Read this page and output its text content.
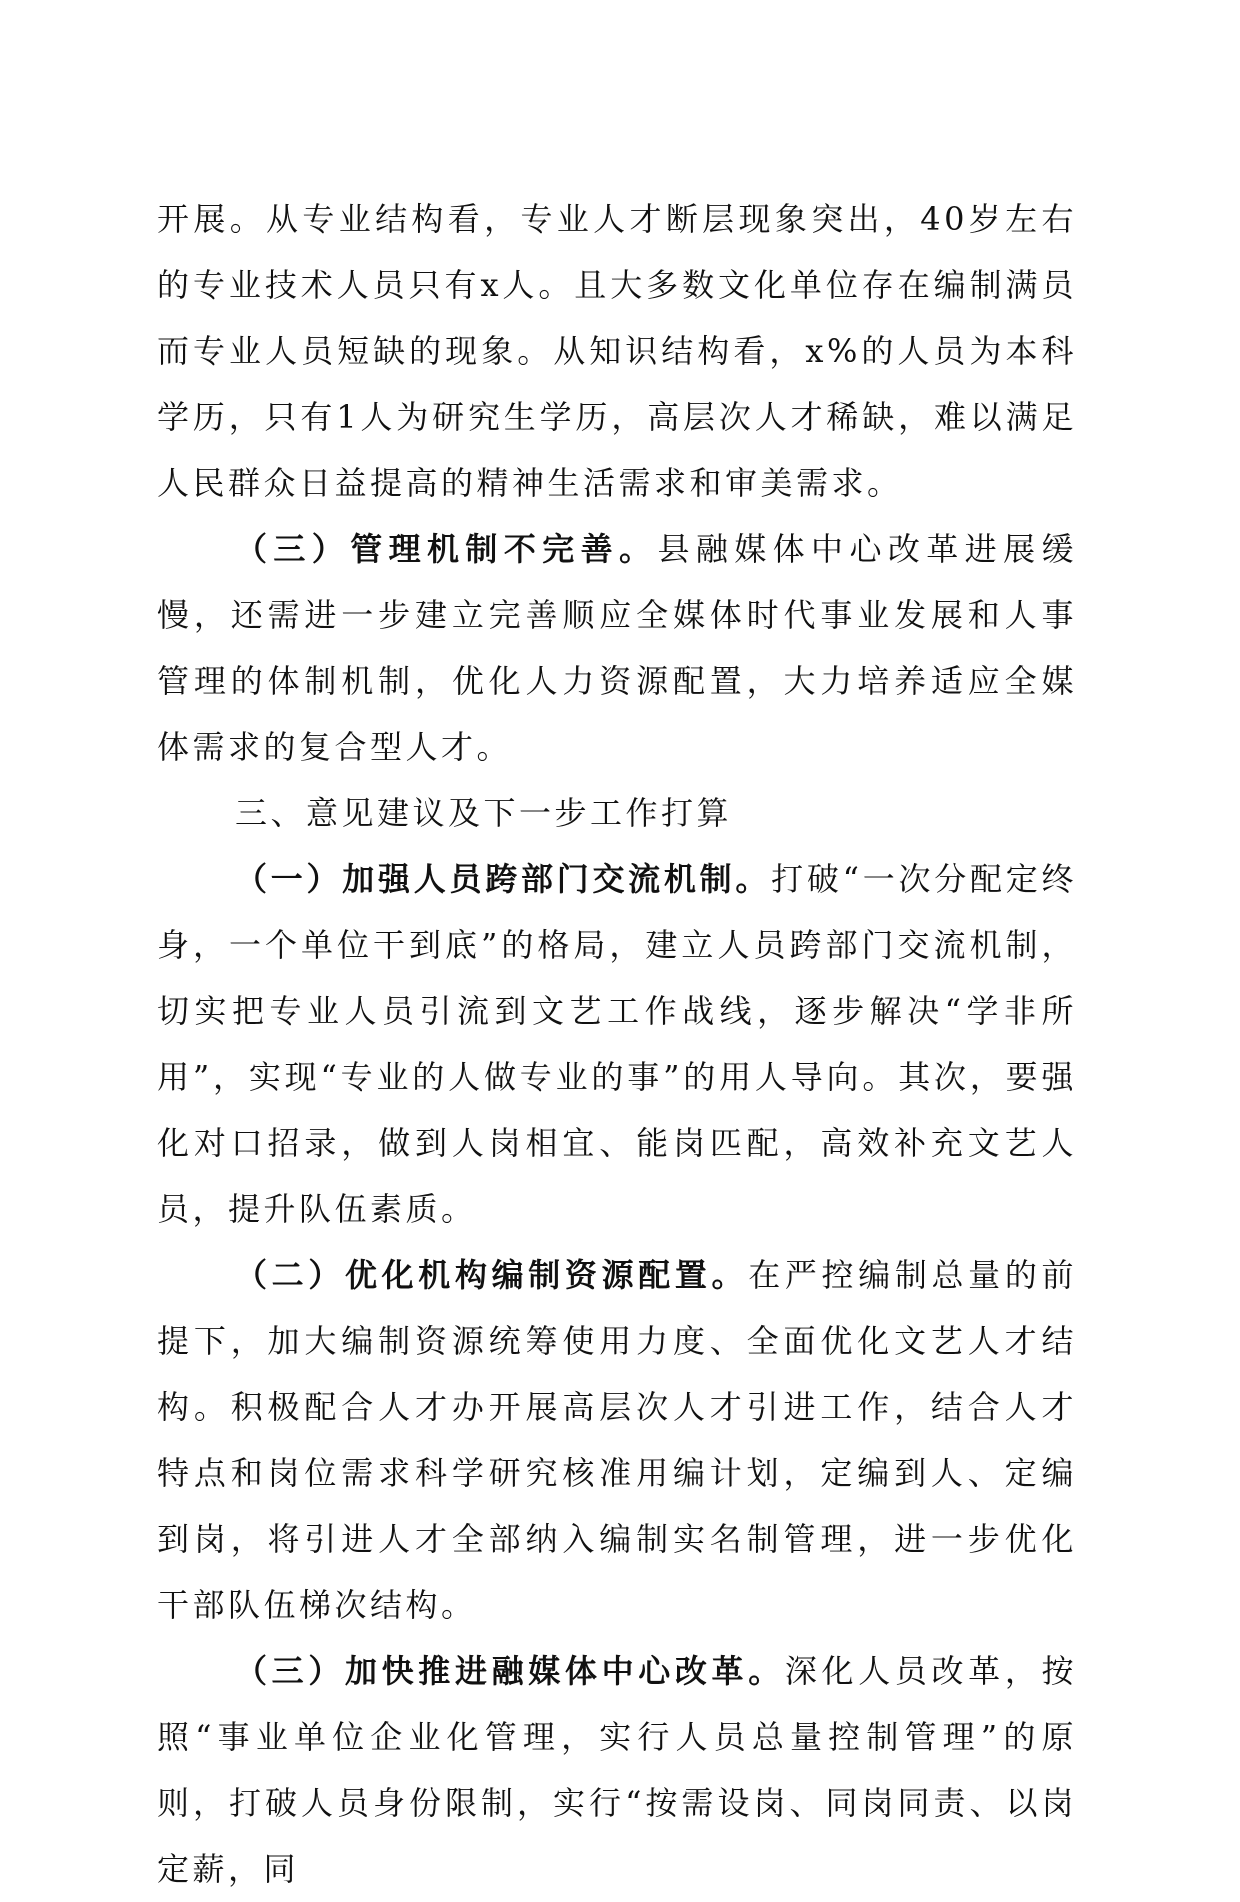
开展。从专业结构看，专业人才断层现象突出，40岁左右的专业技术人员只有x人。且大多数文化单位存在编制满员而专业人员短缺的现象。从知识结构看，x%的人员为本科学历，只有1人为研究生学历，高层次人才稀缺，难以满足人民群众日益提高的精神生活需求和审美需求。

（三）管理机制不完善。县融媒体中心改革进展缓慢，还需进一步建立完善顺应全媒体时代事业发展和人事管理的体制机制，优化人力资源配置，大力培养适应全媒体需求的复合型人才。

三、意见建议及下一步工作打算

（一）加强人员跨部门交流机制。打破“一次分配定终身，一个单位干到底”的格局，建立人员跨部门交流机制，切实把专业人员引流到文艺工作战线，逐步解决“学非所用”，实现“专业的人做专业的事”的用人导向。其次，要强化对口招录，做到人岗相宜、能岗匹配，高效补充文艺人员，提升队伍素质。

（二）优化机构编制资源配置。在严控编制总量的前提下，加大编制资源统筹使用力度、全面优化文艺人才结构。积极配合人才办开展高层次人才引进工作，结合人才特点和岗位需求科学研究核准用编计划，定编到人、定编到岗，将引进人才全部纳入编制实名制管理，进一步优化干部队伍梯次结构。

（三）加快推进融媒体中心改革。深化人员改革，按照“事业单位企业化管理，实行人员总量控制管理”的原则，打破人员身份限制，实行“按需设岗、同岗同责、以岗定薪，同
